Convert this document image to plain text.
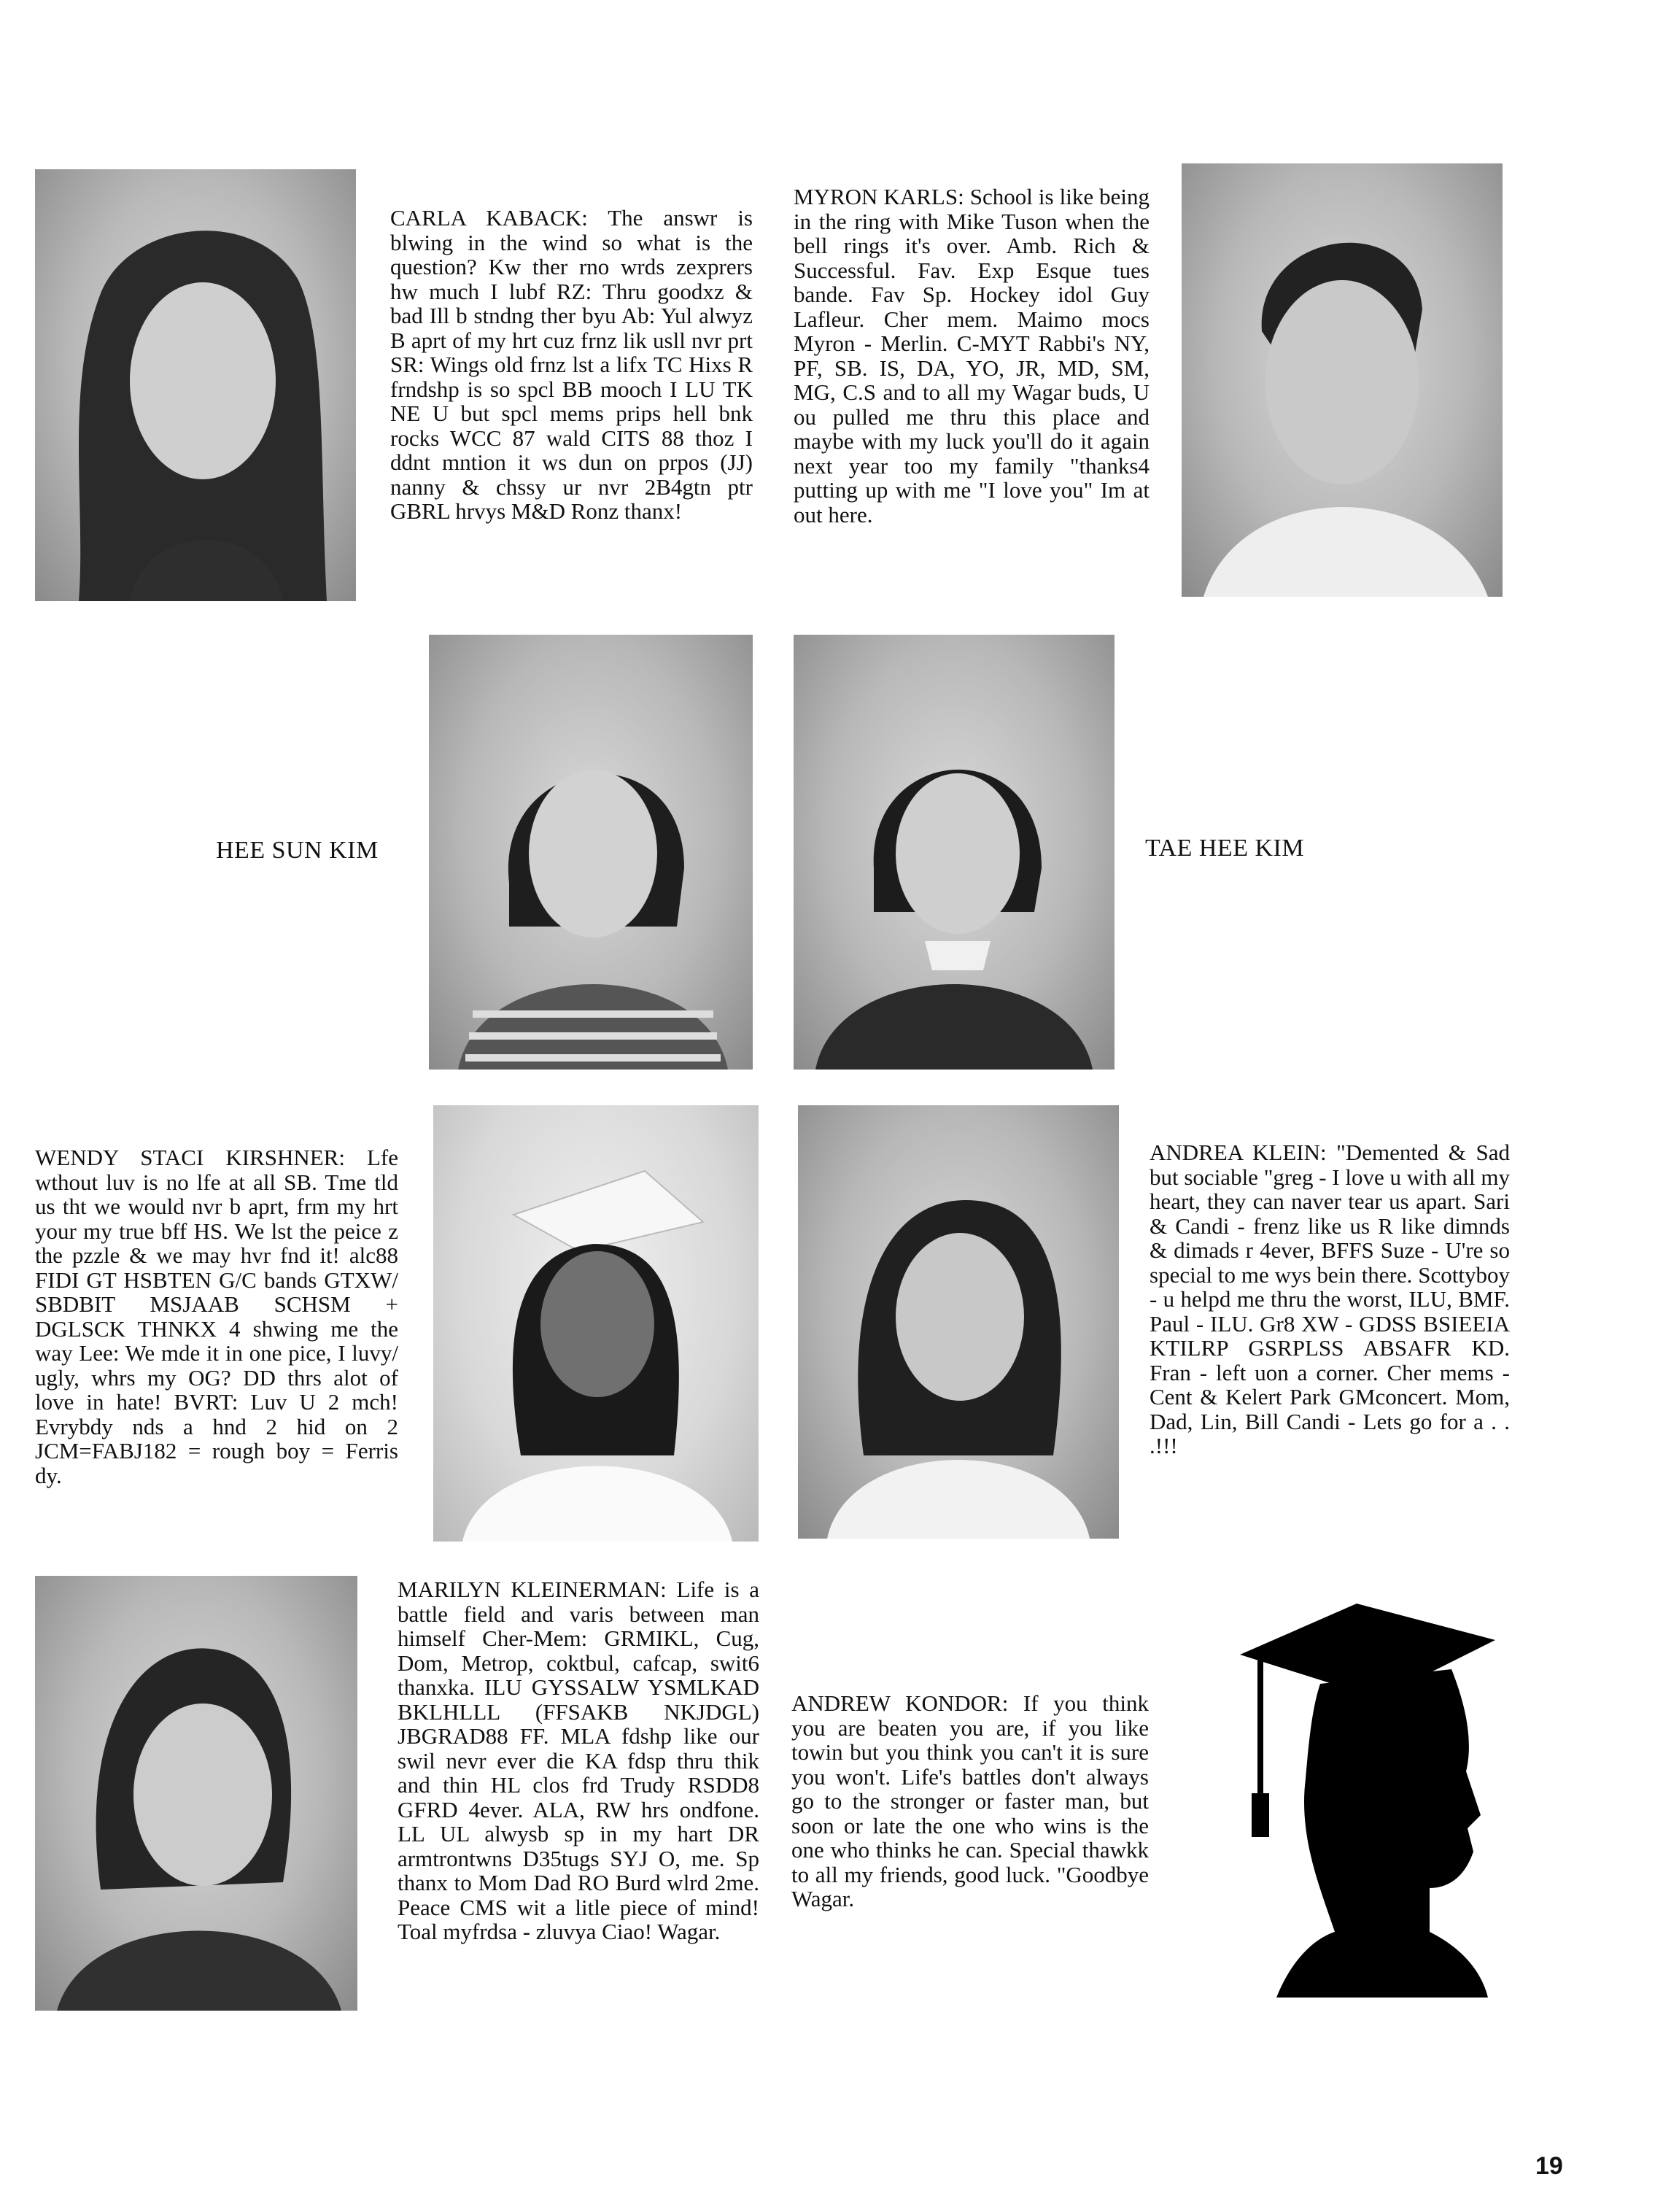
CARLA KABACK: The answr is blwing in the wind so what is the question? Kw ther rno wrds zexprers hw much I lubf RZ: Thru goodxz & bad Ill b stndng ther byu Ab: Yul alwyz B aprt of my hrt cuz frnz lik usll nvr prt SR: Wings old frnz lst a lifx TC Hixs R frndshp is so spcl BB mooch I LU TK NE U but spcl mems prips hell bnk rocks WCC 87 wald CITS 88 thoz I ddnt mntion it ws dun on prpos (JJ) nanny & chssy ur nvr 2B4gtn ptr GBRL hrvys M&D Ronz thanx!
MYRON KARLS: School is like being in the ring with Mike Tuson when the bell rings it's over. Amb. Rich & Successful. Fav. Exp Esque tues bande. Fav Sp. Hockey idol Guy Lafleur. Cher mem. Maimo mocs Myron - Merlin. C-MYT Rabbi's NY, PF, SB. IS, DA, YO, JR, MD, SM, MG, C.S and to all my Wagar buds, U ou pulled me thru this place and maybe with my luck you'll do it again next year too my family "thanks4 putting up with me "I love you" Im at out here.
HEE SUN KIM	TAE HEE KIM
WENDY STACI KIRSHNER: Lfe wthout luv is no lfe at all SB. Tme tld us tht we would nvr b aprt, frm my hrt your my true bff HS. We lst the peice z the pzzle & we may hvr fnd it! alc88 FIDI GT HSBTEN G/C bands GTXW/ SBDBIT MSJAAB SCHSM + DGLSCK THNKX 4 shwing me the way Lee: We mde it in one pice, I luvy/ ugly, whrs my OG? DD thrs alot of love in hate! BVRT: Luv U 2 mch! Evrybdy nds a hnd 2 hid on 2 JCM=FABJ182 = rough boy = Ferris dy.
ANDREA KLEIN: "Demented & Sad but sociable "greg - I love u with all my heart, they can naver tear us apart. Sari & Candi - frenz like us R like dimnds & dimads r 4ever, BFFS Suze - U're so special to me wys bein there. Scottyboy - u helpd me thru the worst, ILU, BMF. Paul - ILU. Gr8 XW - GDSS BSIEEIA KTILRP GSRPLSS ABSAFR KD. Fran - left uon a corner. Cher mems - Cent & Kelert Park GMconcert. Mom, Dad, Lin, Bill Candi - Lets go for a . . .!!!
MARILYN KLEINERMAN: Life is a battle field and varis between man himself Cher-Mem: GRMIKL, Cug, Dom, Metrop, coktbul, cafcap, swit6 thanxka. ILU GYSSALW YSMLKAD BKLHLLL (FFSAKB NKJDGL) JBGRAD88 FF. MLA fdshp like our swil nevr ever die KA fdsp thru thik and thin HL clos frd Trudy RSDD8 GFRD 4ever. ALA, RW hrs ondfone. LL UL alwysb sp in my hart DR armtrontwns D35tugs SYJ O, me. Sp thanx to Mom Dad RO Burd wlrd 2me. Peace CMS wit a litle piece of mind! Toal myfrdsa - zluvya Ciao! Wagar.
ANDREW KONDOR: If you think you are beaten you are, if you like towin but you think you can't it is sure you won't. Life's battles don't always go to the stronger or faster man, but soon or late the one who wins is the one who thinks he can. Special thawkk to all my friends, good luck. "Goodbye Wagar.
19
